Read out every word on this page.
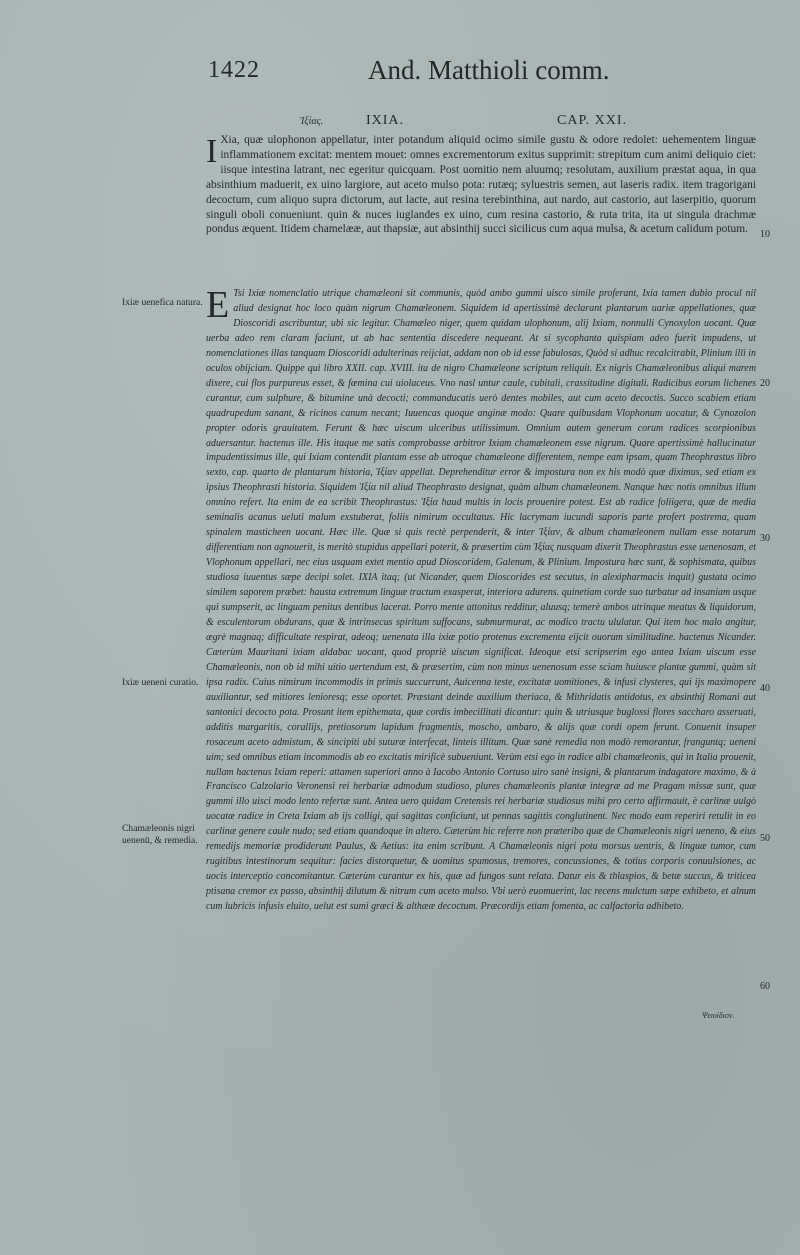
1422	And. Matthioli comm.
Ἰξίας.	IXIA.	CAP. XXI.
I Xia, quæ ulophonon appellatur, inter potandum aliquid ocimo simile gustu & odore redolet: uehementem linguæ inflammationem excitat: mentem mouet: omnes excrementorum exitus supprimit: strepitum cum animi deliquio ciet: iisque intestina latrant, nec egeritur quicquam. Post uomitio nem aluumq; resolutam, auxilium præstat aqua, in qua absinthium maduerit, ex uino largiore, aut aceto mulso pota: rutæq; syluestris semen, aut laseris radix. item tragorigani decoctum, cum aliquo supra dictorum, aut lacte, aut resina terebinthina, aut nardo, aut castorio, aut laserpitio, quorum singuli oboli conueniunt. quin & nuces iuglandes ex uino, cum resina castorio, & ruta trita, ita ut singula drachmæ pondus æquent. Itidem chamelææ, aut thapsiæ, aut absinthij succi sicilicus cum aqua mulsa, & acetum calidum potum.
E Tsi Ixiæ nomenclatio utrique chamæleoni sit communis, quòd ambo gummi uisco simile proferant, Ixia tamen dubio procul nil aliud designat hoc loco quàm nigrum Chamæleonem. Siquidem id apertissimè declarant plantarum uariæ appellationes, quæ Dioscoridi ascribuntur, ubi sic legitur. Chamæleo niger, quem quidam ulophonum, alij Ixiam, nonnulli Cynoxylon uocant. Quæ uerba adeo rem claram faciunt, ut ab hac sententia discedere nequeant. At si sycophanta quispiam adeo fuerit impudens, ut nomenclationes illas tanquam Dioscoridi adulterinas reijciat, addam non ob id esse fabulosas, Quòd si adhuc recalcitrabit, Plinium illi in oculos obijciam. Quippe qui libro XXII. cap. XVIII. ita de nigro Chamæleone scriptum reliquit. Ex nigris Chamæleonibus aliqui marem dixere, cui flos purpureus esset, & fæmina cui uiolaceus. Vno nasl untur caule, cubitali, crassitudine digitali. Radicibus eorum lichenes curantur, cum sulphure, & bitumine unà decocti; commanducatis uerò dentes mobiles, aut cum aceto decoctis. Succo scabiem etiam quadrupedum sanant, & ricinos canum necant; Iuuencas quoque anginæ modo: Quare quibusdam Vlophonum uocatur, & Cynozolon propter odoris grauitatem. Ferunt & hæc uiscum ulceribus utilissimum. Omnium autem generum corum radices scorpionibus aduersantur. hactenus ille. His itaque me satis comprobasse arbitror Ixiam chamæleonem esse nigrum. Quare apertissimè hallucinatur impudentissimus ille, qui Ixiam contendit plantam esse ab utroque chamæleone differentem, nempe eam ipsam, quam Theophrastus libro sexto, cap. quarto de plantarum historia, Ἰξίαν appellat. Deprehenditur error & impostura non ex his modò quæ diximus, sed etiam ex ipsius Theophrasti historia. Siquidem Ἰξία nil aliud Theophrasto designat, quàm album chamæleonem. Nanque hæc notis omnibus illum omnino refert. Ita enim de ea scribit Theophrastus: Ἰξία haud multis in locis prouenire potest. Est ab radice foliigera, quæ de media seminalis acanus ueluti malum exstuberat, foliis nimirum occultatus. Hic lacrymam iucundi saporis parte profert postrema, quam spinalem masticheen uocant. Hæc ille. Quæ si quis rectè perpenderit, & inter Ἰξίαν, & album chamæleonem nullam esse notarum differentiam non agnouerit, is meritò stupidus appellari poterit, & præsertim cùm Ἰξίας nusquam dixerit Theophrastus esse uenenosam, et Vlophonum appellari, nec eius usquam extet mentio apud Dioscoridem, Galenum, & Plinium. Impostura hæc sunt, & sophismata, quibus studiosa iuuentus sæpe decipi solet. IXIA itaq; (ut Nicander, quem Dioscorides est secutus, in alexipharmacis inquit) gustata ocimo similem saporem præbet: hausta extremum linguæ tractum exasperat, interiora adurens. quinetiam corde suo turbatur ad insaniam usque qui sumpserit, ac linguam penitus dentibus lacerat. Porro mente attonitus redditur, aluusq; temerè ambos utrinque meatus & liquidorum, & esculentorum obdurans, quæ & intrinsecus spiritum suffocans, submurmurat, ac modico tractu ululatur. Qui item hoc malo angitur, ægrè magnaq; difficultate respirat, adeoq; uenenata illa ixiæ potio protenus excrementa eijcit ouorum similitudine. hactenus Nicander. Cæterùm Mauritani ixiam aldabac uocant, quod propriè uiscum significat. Ideoque etsi scripserim ego antea Ixiam uiscum esse Chamæleonis, non ob id mihi uitio uertendum est, & præsertim, cùm non minus uenenosum esse sciam huiusce plantæ gummi, quàm sit ipsa radix. Cuius nimirum incommodis in primis succurrunt, Auicenna teste, excitatæ uomitiones, & infusi clysteres, qui ijs maximopere auxiliantur, sed mitiores lenioresq; esse oportet. Præstant deinde auxilium theriaca, & Mithridatis antidotus, ex absinthij Romani aut santonici decocto pota. Prosunt item epithemata, quæ cordis imbecillitati dicantur: quin & utriusque buglossi flores saccharo asseruati, additis margaritis, corallijs, pretiosorum lapidum fragmentis, moscho, ambaro, & alijs quæ cordi opem ferunt. Conuenit insuper rosaceum aceto admistum, & sincipiti ubi suturæ interfecat, linteis illitum. Quæ sanè remedia non modò remorantur, franguntq; ueneni uim; sed omnibus etiam incommodis ab eo excitatis mirificè subueniunt. Verùm etsi ego in radice albi chamæleonis, qui in Italia prouenit, nullam hactenus Ixiam reperi: attamen superiori anno à Iacobo Antonio Cortuso uiro sanè insigni, & plantarum indagatore maximo, & à Francisco Calzolario Veronensi rei herbariæ admodum studioso, plures chamæleonis plantæ integræ ad me Pragam missæ sunt, quæ gummi illo uisci modo lento refertæ sunt. Antea uero quidam Cretensis rei herbariæ studiosus mihi pro certo affirmauit, è carlinæ uulgò uocatæ radice in Creta Ixiam ab ijs colligi, qui sagittas conficiunt, ut pennas sagittis conglutinent. Nec modo eam reperiri retulit in eo carlinæ genere caule nudo; sed etiam quandoque in altero. Cæterùm hic referre non præteribo quæ de Chamæleonis nigri ueneno, & eius remedijs memoriæ prodiderunt Paulus, & Aetius: ita enim scribunt. A Chamæleonis nigri potu morsus uentris, & linguæ tumor, cum rugitibus intestinorum sequitur: facies distorquetur, & uomitus spumosus, tremores, concussiones, & totius corporis conuulsiones, ac uocis interceptio concomitantur. Cæterùm curantur ex his, quæ ad fungos sunt relata. Datur eis & thlaspios, & betæ succus, & triticea ptisana cremor ex passo, absinthij dilutum & nitrum cum aceto mulso. Vbi uerò euomuerint, lac recens mulctum sæpe exhibeto, et alnum cum lubricis infusis eluito, uelut est sumi græci & althææ decoctum. Præcordijs etiam fomenta, ac calfactoria adhibeto.
Ixiæ uenefica natura.
Ixiæ ueneni curatio.
Chamæleonis nigri uenenū, & remedia.
10
20
30
40
50
60
Ψειυίδιον.
